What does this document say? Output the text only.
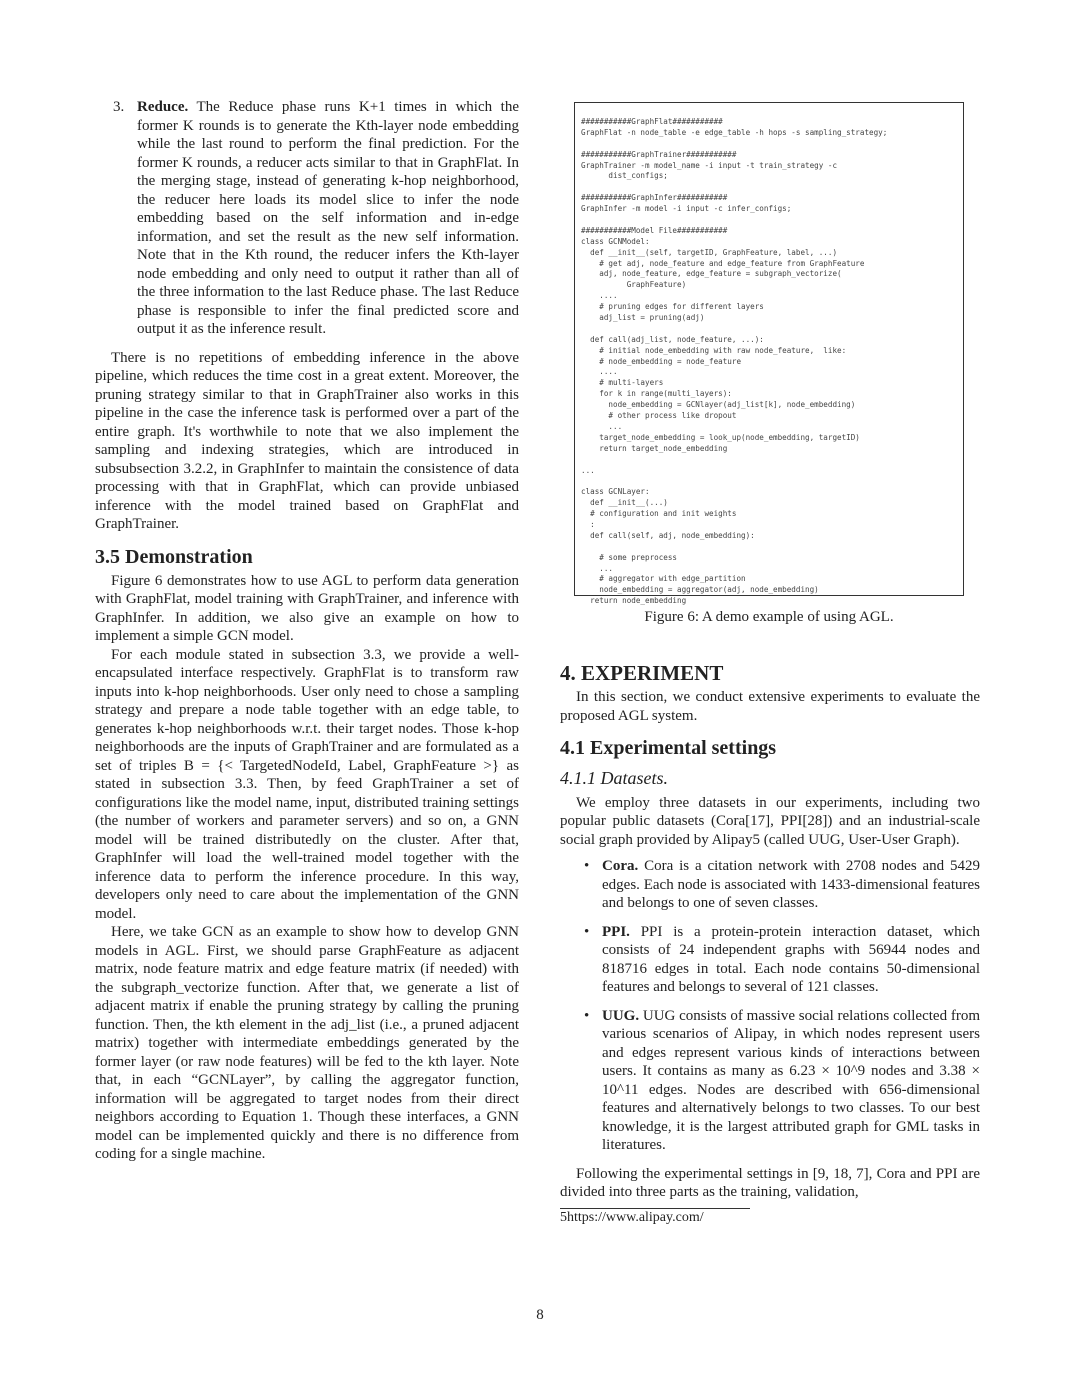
3. Reduce. The Reduce phase runs K+1 times in which the former K rounds is to generate the Kth-layer node embedding while the last round to perform the final prediction. For the former K rounds, a reducer acts similar to that in GraphFlat. In the merging stage, instead of generating k-hop neighborhood, the reducer here loads its model slice to infer the node embedding based on the self information and in-edge information, and set the result as the new self information. Note that in the Kth round, the reducer infers the Kth-layer node embedding and only need to output it rather than all of the three information to the last Reduce phase. The last Reduce phase is responsible to infer the final predicted score and output it as the inference result.

There is no repetitions of embedding inference in the above pipeline, which reduces the time cost in a great extent. Moreover, the pruning strategy similar to that in GraphTrainer also works in this pipeline in the case the inference task is performed over a part of the entire graph. It's worthwhile to note that we also implement the sampling and indexing strategies, which are introduced in subsubsection 3.2.2, in GraphInfer to maintain the consistence of data processing with that in GraphFlat, which can provide unbiased inference with the model trained based on GraphFlat and GraphTrainer.

3.5 Demonstration

Figure 6 demonstrates how to use AGL to perform data generation with GraphFlat, model training with GraphTrainer, and inference with GraphInfer. In addition, we also give an example on how to implement a simple GCN model.

For each module stated in subsection 3.3, we provide a well-encapsulated interface respectively. GraphFlat is to transform raw inputs into k-hop neighborhoods. User only need to chose a sampling strategy and prepare a node table together with an edge table, to generates k-hop neighborhoods w.r.t. their target nodes. Those k-hop neighborhoods are the inputs of GraphTrainer and are formulated as a set of triples B = {< TargetedNodeId, Label, GraphFeature >} as stated in subsection 3.3. Then, by feed GraphTrainer a set of configurations like the model name, input, distributed training settings (the number of workers and parameter servers) and so on, a GNN model will be trained distributedly on the cluster. After that, GraphInfer will load the well-trained model together with the inference data to perform the inference procedure. In this way, developers only need to care about the implementation of the GNN model.

Here, we take GCN as an example to show how to develop GNN models in AGL. First, we should parse GraphFeature as adjacent matrix, node feature matrix and edge feature matrix (if needed) with the subgraph_vectorize function. After that, we generate a list of adjacent matrix if enable the pruning strategy by calling the pruning function. Then, the kth element in the adj_list (i.e., a pruned adjacent matrix) together with intermediate embeddings generated by the former layer (or raw node features) will be fed to the kth layer. Note that, in each “GCNLayer”, by calling the aggregator function, information will be aggregated to target nodes from their direct neighbors according to Equation 1. Though these interfaces, a GNN model can be implemented quickly and there is no difference from coding for a single machine.

###########GraphFlat###########
GraphFlat -n node_table -e edge_table -h hops -s sampling_strategy;
###########GraphTrainer###########
GraphTrainer -m model_name -i input -t train_strategy -c
dist_configs;
###########GraphInfer###########
GraphInfer -m model -i input -c infer_configs;
###########Model File###########
class GCNModel:
def __init__(self, targetID, GraphFeature, label, ...)
# get adj, node_feature and edge_feature from GraphFeature
adj, node_feature, edge_feature = subgraph_vectorize(
GraphFeature)
....
# pruning edges for different layers
adj_list = pruning(adj)
def call(adj_list, node_feature, ...):
# initial node_embedding with raw node_feature,  like:
# node_embedding = node_feature
....
# multi-layers
for k in range(multi_layers):
node_embedding = GCNlayer(adj_list[k], node_embedding)
# other process like dropout
...
target_node_embedding = look_up(node_embedding, targetID)
return target_node_embedding
...
class GCNLayer:
def __init__(...)
# configuration and init weights
:
def call(self, adj, node_embedding):
# some preprocess
...
# aggregator with edge_partition
node_embedding = aggregator(adj, node_embedding)
return node_embedding
Figure 6: A demo example of using AGL.
4. EXPERIMENT

In this section, we conduct extensive experiments to evaluate the proposed AGL system.

4.1 Experimental settings
4.1.1 Datasets.

We employ three datasets in our experiments, including two popular public datasets (Cora[17], PPI[28]) and an industrial-scale social graph provided by Alipay5 (called UUG, User-User Graph).

• Cora. Cora is a citation network with 2708 nodes and 5429 edges. Each node is associated with 1433-dimensional features and belongs to one of seven classes.
• PPI. PPI is a protein-protein interaction dataset, which consists of 24 independent graphs with 56944 nodes and 818716 edges in total. Each node contains 50-dimensional features and belongs to several of 121 classes.
• UUG. UUG consists of massive social relations collected from various scenarios of Alipay, in which nodes represent users and edges represent various kinds of interactions between users. It contains as many as 6.23 × 10^9 nodes and 3.38 × 10^11 edges. Nodes are described with 656-dimensional features and alternatively belongs to two classes. To our best knowledge, it is the largest attributed graph for GML tasks in literatures.

Following the experimental settings in [9, 18, 7], Cora and PPI are divided into three parts as the training, validation,

5https://www.alipay.com/
8
